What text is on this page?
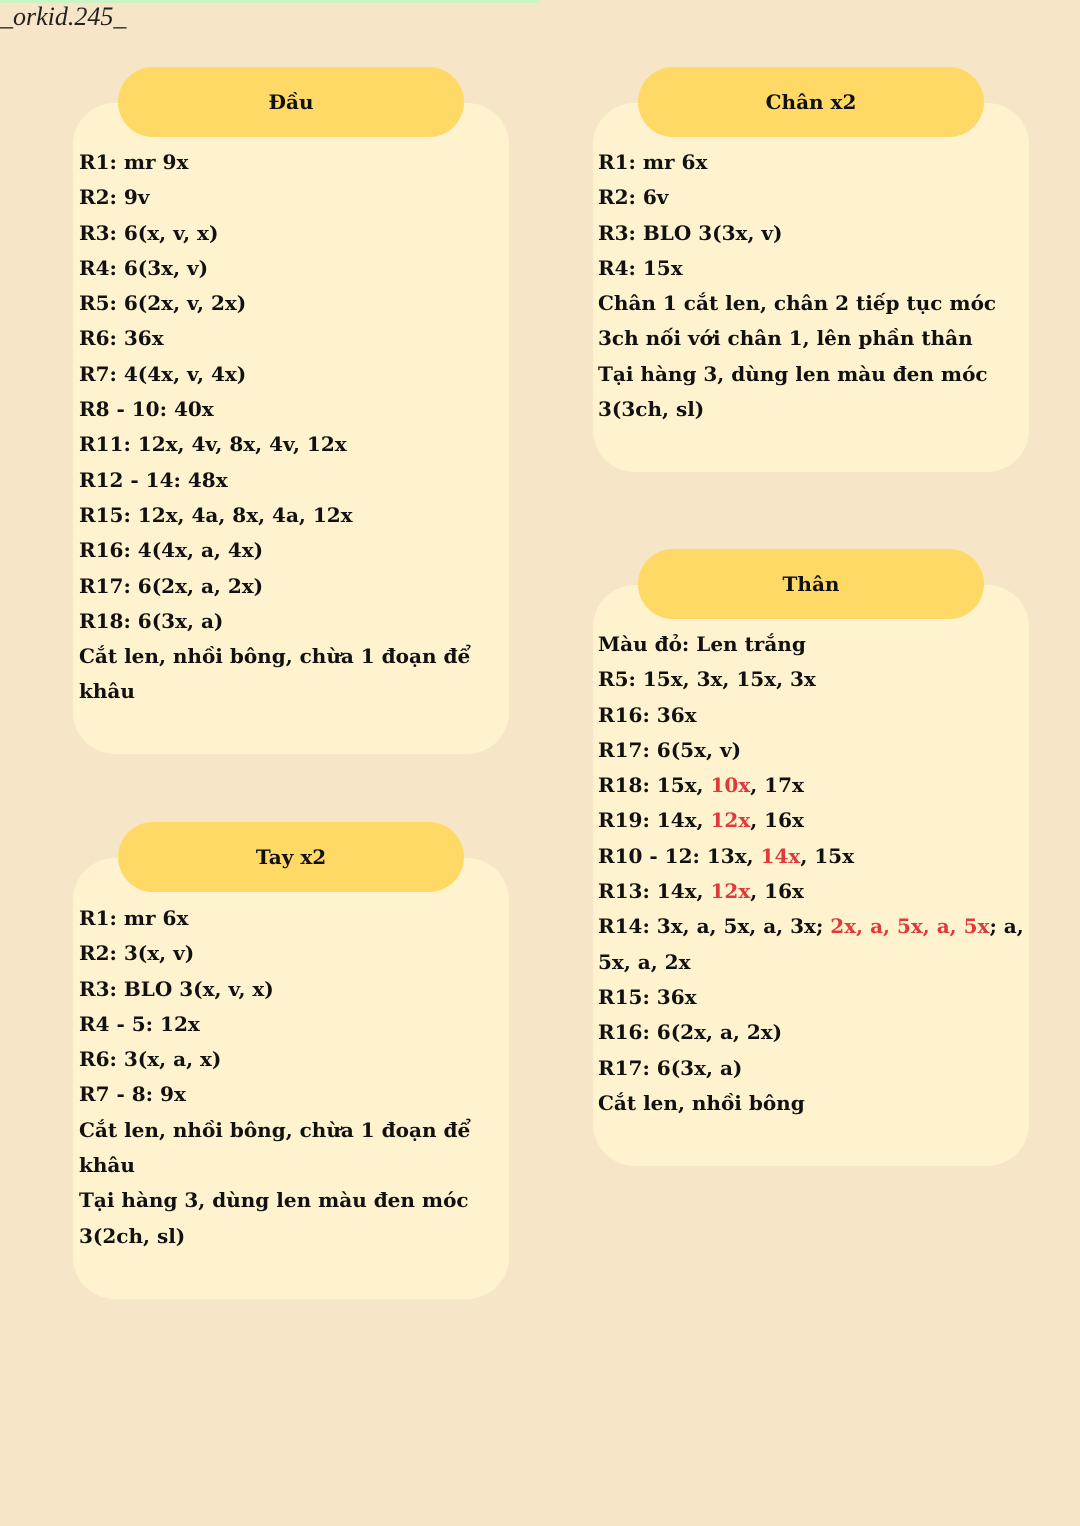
_orkid.245_
Đầu
R1: mr 9x
R2: 9v
R3: 6(x, v, x)
R4: 6(3x, v)
R5: 6(2x, v, 2x)
R6: 36x
R7: 4(4x, v, 4x)
R8 - 10: 40x
R11: 12x, 4v, 8x, 4v, 12x
R12 - 14: 48x
R15: 12x, 4a, 8x, 4a, 12x
R16: 4(4x, a, 4x)
R17: 6(2x, a, 2x)
R18: 6(3x, a)
Cắt len, nhồi bông, chừa 1 đoạn để
khâu
Chân x2
R1: mr 6x
R2: 6v
R3: BLO 3(3x, v)
R4: 15x
Chân 1 cắt len, chân 2 tiếp tục móc
3ch nối với chân 1, lên phần thân
Tại hàng 3, dùng len màu đen móc
3(3ch, sl)
Tay x2
R1: mr 6x
R2: 3(x, v)
R3: BLO 3(x, v, x)
R4 - 5: 12x
R6: 3(x, a, x)
R7 - 8: 9x
Cắt len, nhồi bông, chừa 1 đoạn để
khâu
Tại hàng 3, dùng len màu đen móc
3(2ch, sl)
Thân
Màu đỏ: Len trắng
R5: 15x, 3x, 15x, 3x
R16: 36x
R17: 6(5x, v)
R18: 15x, 10x, 17x
R19: 14x, 12x, 16x
R10 - 12: 13x, 14x, 15x
R13: 14x, 12x, 16x
R14: 3x, a, 5x, a, 3x; 2x, a, 5x, a, 5x; a,
5x, a, 2x
R15: 36x
R16: 6(2x, a, 2x)
R17: 6(3x, a)
Cắt len, nhồi bông
